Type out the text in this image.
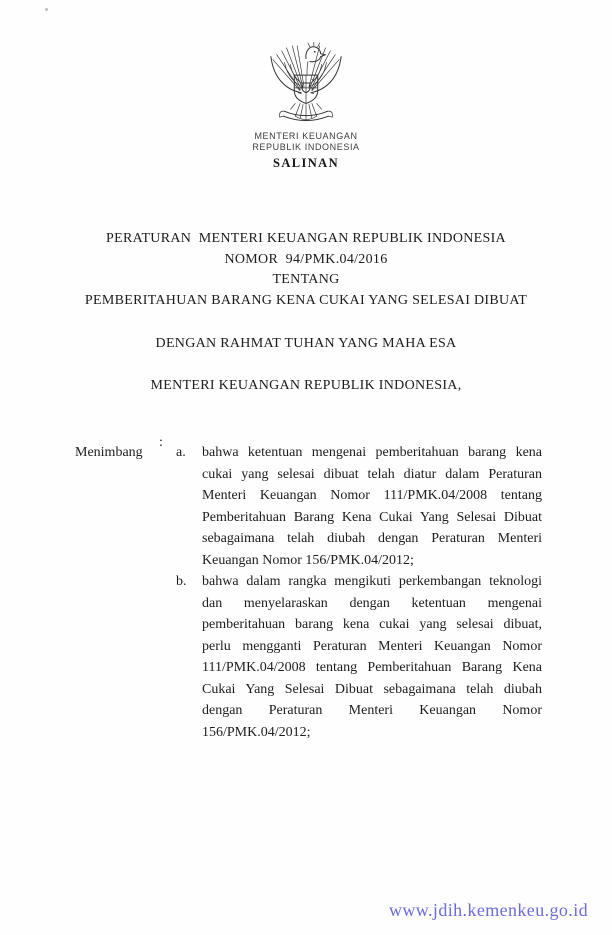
MENTERI KEUANGAN
REPUBLIK INDONESIA
SALINAN
PERATURAN  MENTERI KEUANGAN REPUBLIK INDONESIA
NOMOR  94/PMK.04/2016
TENTANG
PEMBERITAHUAN BARANG KENA CUKAI YANG SELESAI DIBUAT
DENGAN RAHMAT TUHAN YANG MAHA ESA
MENTERI KEUANGAN REPUBLIK INDONESIA,
Menimbang
:
a. bahwa ketentuan mengenai pemberitahuan barang kena
cukai yang selesai dibuat telah diatur dalam Peraturan
Menteri Keuangan Nomor 111/PMK.04/2008 tentang
Pemberitahuan Barang Kena Cukai Yang Selesai Dibuat
sebagaimana telah diubah dengan Peraturan Menteri
Keuangan Nomor 156/PMK.04/2012;
b. bahwa dalam rangka mengikuti perkembangan teknologi
dan menyelaraskan dengan ketentuan mengenai
pemberitahuan barang kena cukai yang selesai dibuat,
perlu mengganti Peraturan Menteri Keuangan Nomor
111/PMK.04/2008 tentang Pemberitahuan Barang Kena
Cukai Yang Selesai Dibuat sebagaimana telah diubah
dengan Peraturan Menteri Keuangan Nomor
156/PMK.04/2012;
www.jdih.kemenkeu.go.id
